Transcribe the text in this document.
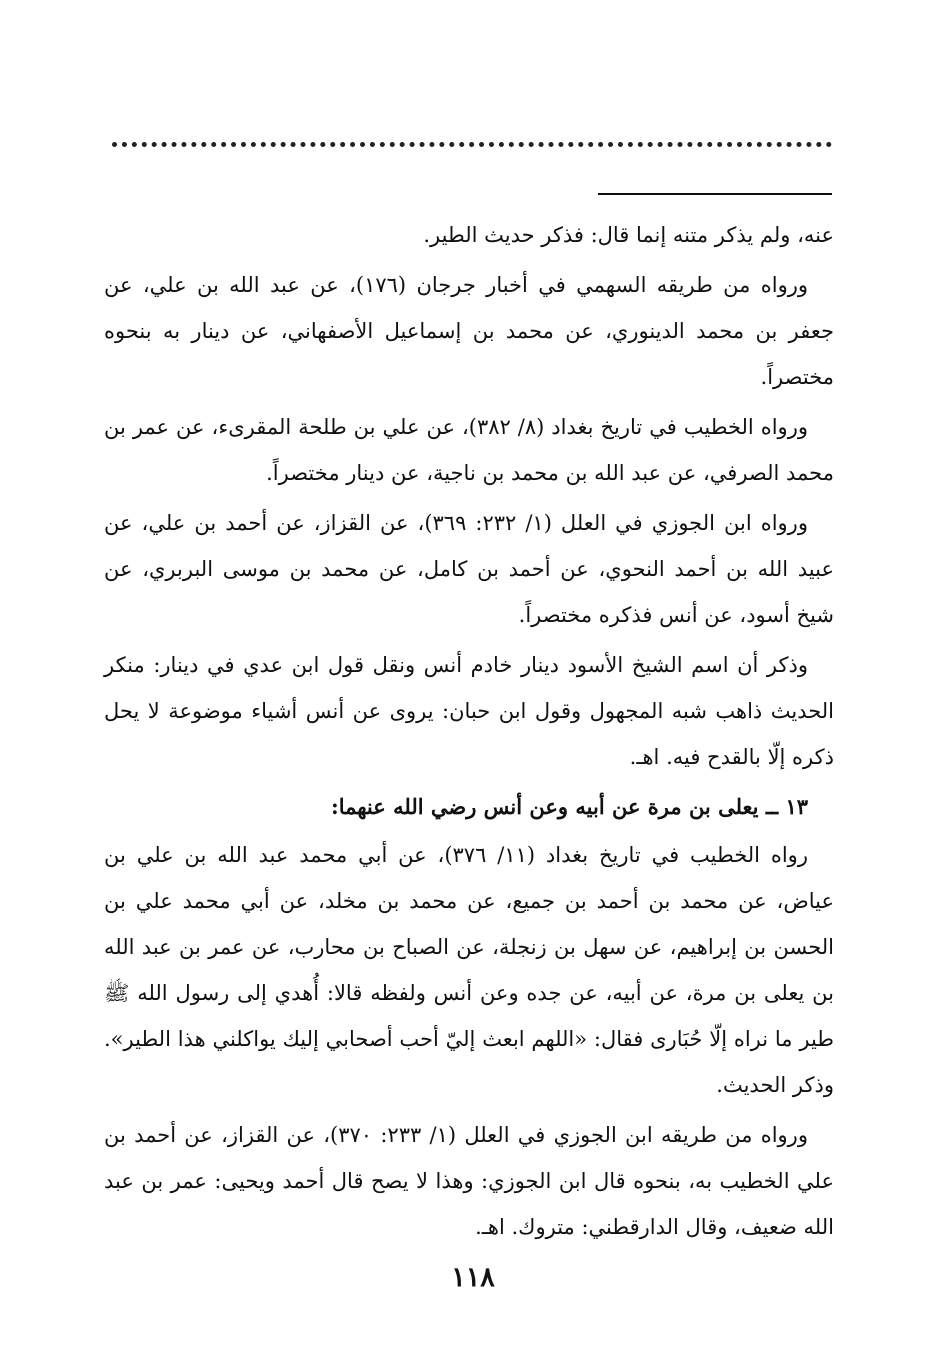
عنه، ولم يذكر متنه إنما قال: فذكر حديث الطير.

ورواه من طريقه السهمي في أخبار جرجان (١٧٦)، عن عبد الله بن علي، عن جعفر بن محمد الدينوري، عن محمد بن إسماعيل الأصفهاني، عن دينار به بنحوه مختصراً.

ورواه الخطيب في تاريخ بغداد (٨/ ٣٨٢)، عن علي بن طلحة المقرىء، عن عمر بن محمد الصرفي، عن عبد الله بن محمد بن ناجية، عن دينار مختصراً.

ورواه ابن الجوزي في العلل (١/ ٢٣٢: ٣٦٩)، عن القزاز، عن أحمد بن علي، عن عبيد الله بن أحمد النحوي، عن أحمد بن كامل، عن محمد بن موسى البربري، عن شيخ أسود، عن أنس فذكره مختصراً.

وذكر أن اسم الشيخ الأسود دينار خادم أنس ونقل قول ابن عدي في دينار: منكر الحديث ذاهب شبه المجهول وقول ابن حبان: يروى عن أنس أشياء موضوعة لا يحل ذكره إلّا بالقدح فيه. اهـ.

١٣ ــ يعلى بن مرة عن أبيه وعن أنس رضي الله عنهما:

رواه الخطيب في تاريخ بغداد (١١/ ٣٧٦)، عن أبي محمد عبد الله بن علي بن عياض، عن محمد بن أحمد بن جميع، عن محمد بن مخلد، عن أبي محمد علي بن الحسن بن إبراهيم، عن سهل بن زنجلة، عن الصباح بن محارب، عن عمر بن عبد الله بن يعلى بن مرة، عن أبيه، عن جده وعن أنس ولفظه قالا: أُهدي إلى رسول الله ﷺ طير ما نراه إلّا حُبَارى فقال: «اللهم ابعث إليّ أحب أصحابي إليك يواكلني هذا الطير». وذكر الحديث.

ورواه من طريقه ابن الجوزي في العلل (١/ ٢٣٣: ٣٧٠)، عن القزاز، عن أحمد بن علي الخطيب به، بنحوه قال ابن الجوزي: وهذا لا يصح قال أحمد ويحيى: عمر بن عبد الله ضعيف، وقال الدارقطني: متروك. اهـ.

١١٨
